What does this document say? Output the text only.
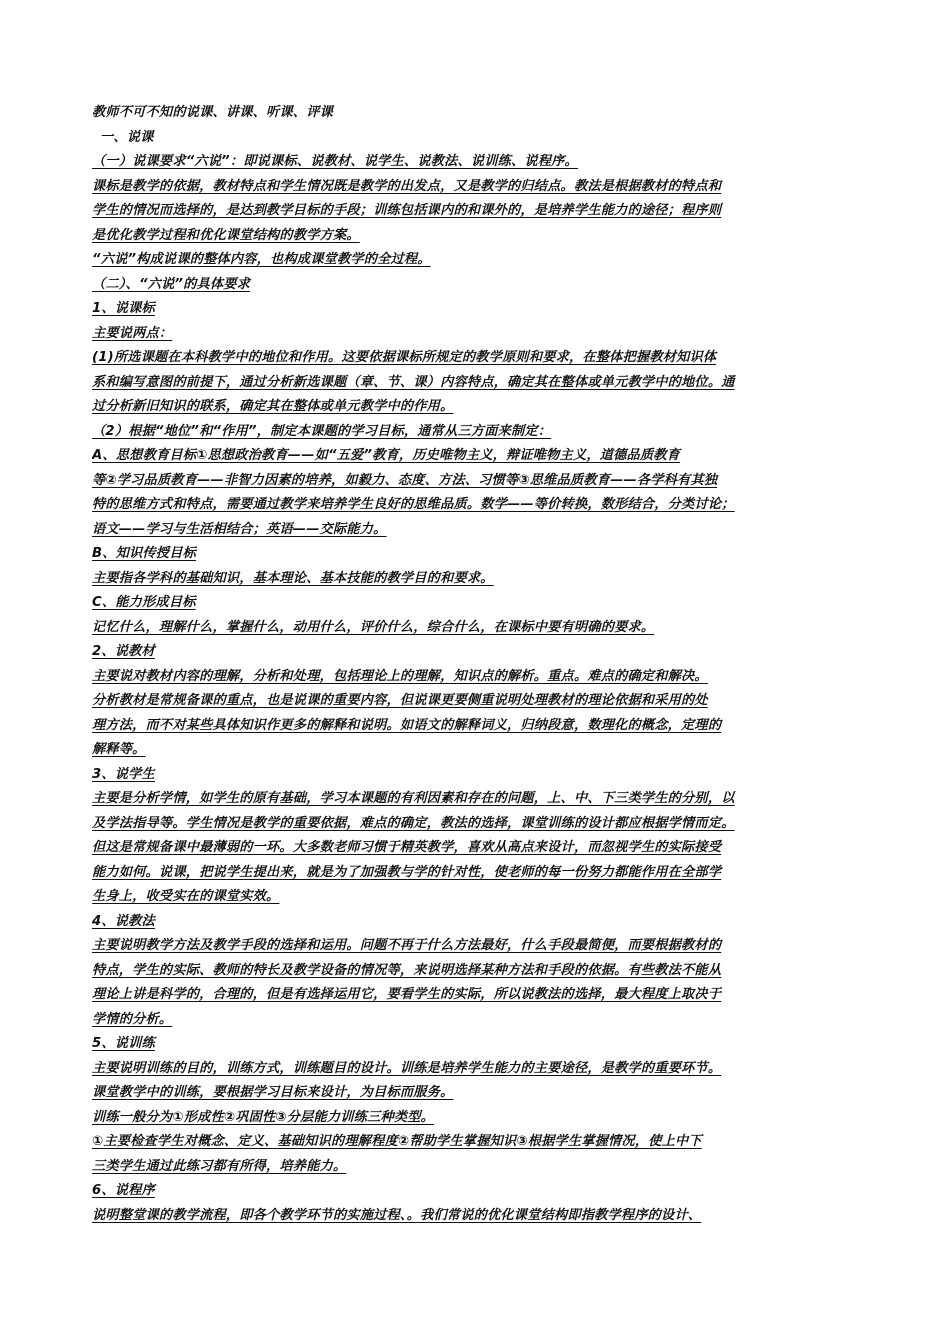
教师不可不知的说课、讲课、听课、评课
一、说课
（一）说课要求“六说”：即说课标、说教材、说学生、说教法、说训练、说程序。
课标是教学的依据，教材特点和学生情况既是教学的出发点，又是教学的归结点。教法是根据教材的特点和
学生的情况而选择的，是达到教学目标的手段；训练包括课内的和课外的，是培养学生能力的途径；程序则
是优化教学过程和优化课堂结构的教学方案。
“六说”构成说课的整体内容，也构成课堂教学的全过程。
（二）、“六说”的具体要求
1、说课标
主要说两点：
(1)所选课题在本科教学中的地位和作用。这要依据课标所规定的教学原则和要求，在整体把握教材知识体
系和编写意图的前提下，通过分析新选课题（章、节、课）内容特点，确定其在整体或单元教学中的地位。通
过分析新旧知识的联系，确定其在整体或单元教学中的作用。
（2）根据“地位”和“作用”，制定本课题的学习目标，通常从三方面来制定：
A、思想教育目标①思想政治教育——如“五爱”教育，历史唯物主义，辩证唯物主义，道德品质教育
等②学习品质教育——非智力因素的培养，如毅力、态度、方法、习惯等③思维品质教育——各学科有其独
特的思维方式和特点，需要通过教学来培养学生良好的思维品质。数学——等价转换，数形结合，分类讨论；
语文——学习与生活相结合；英语——交际能力。
B、知识传授目标
主要指各学科的基础知识，基本理论、基本技能的教学目的和要求。
C、能力形成目标
记忆什么，理解什么，掌握什么，动用什么，评价什么，综合什么，在课标中要有明确的要求。
2、说教材
主要说对教材内容的理解，分析和处理，包括理论上的理解，知识点的解析。重点。难点的确定和解决。
分析教材是常规备课的重点，也是说课的重要内容，但说课更要侧重说明处理教材的理论依据和采用的处
理方法，而不对某些具体知识作更多的解释和说明。如语文的解释词义，归纳段意，数理化的概念，定理的
解释等。
3、说学生
主要是分析学情，如学生的原有基础，学习本课题的有利因素和存在的问题，上、中、下三类学生的分别，以
及学法指导等。学生情况是教学的重要依据，难点的确定，教法的选择，课堂训练的设计都应根据学情而定。
但这是常规备课中最薄弱的一环。大多数老师习惯于精英教学，喜欢从高点来设计，而忽视学生的实际接受
能力如何。说课，把说学生提出来，就是为了加强教与学的针对性，使老师的每一份努力都能作用在全部学
生身上，收受实在的课堂实效。
4、说教法
主要说明教学方法及教学手段的选择和运用。问题不再于什么方法最好，什么手段最简便，而要根据教材的
特点，学生的实际、教师的特长及教学设备的情况等，来说明选择某种方法和手段的依据。有些教法不能从
理论上讲是科学的，合理的，但是有选择运用它，要看学生的实际，所以说教法的选择，最大程度上取决于
学情的分析。
5、说训练
主要说明训练的目的，训练方式，训练题目的设计。训练是培养学生能力的主要途径，是教学的重要环节。
课堂教学中的训练，要根据学习目标来设计，为目标而服务。
训练一般分为①形成性②巩固性③分层能力训练三种类型。
①主要检查学生对概念、定义、基础知识的理解程度②帮助学生掌握知识③根据学生掌握情况，使上中下
三类学生通过此练习都有所得，培养能力。
6、说程序
说明整堂课的教学流程，即各个教学环节的实施过程、。我们常说的优化课堂结构即指教学程序的设计、
